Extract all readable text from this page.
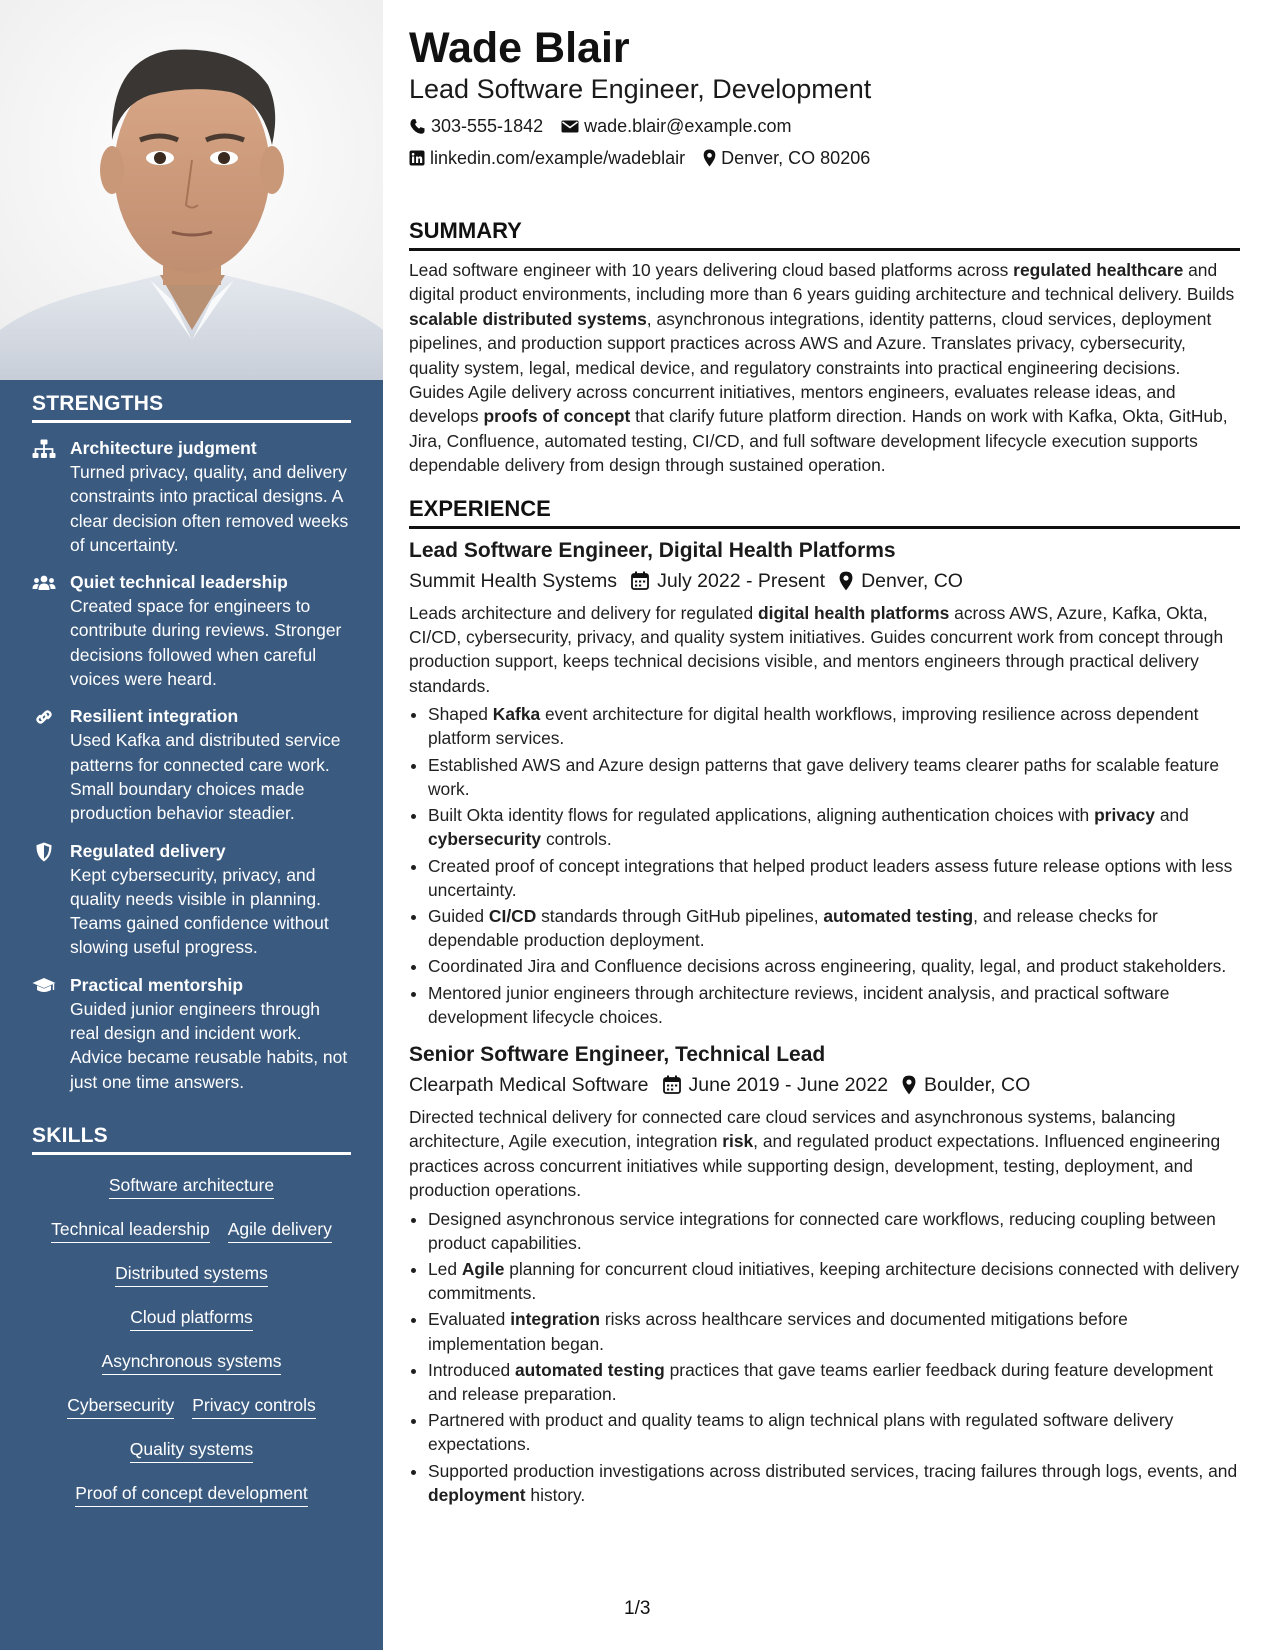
STRENGTHS
Architecture judgment
Turned privacy, quality, and delivery constraints into practical designs. A clear decision often removed weeks of uncertainty.
Quiet technical leadership
Created space for engineers to contribute during reviews. Stronger decisions followed when careful voices were heard.
Resilient integration
Used Kafka and distributed service patterns for connected care work. Small boundary choices made production behavior steadier.
Regulated delivery
Kept cybersecurity, privacy, and quality needs visible in planning. Teams gained confidence without slowing useful progress.
Practical mentorship
Guided junior engineers through real design and incident work. Advice became reusable habits, not just one time answers.
SKILLS
Software architecture
Technical leadership Agile delivery
Distributed systems
Cloud platforms
Asynchronous systems
Cybersecurity Privacy controls
Quality systems
Proof of concept development
Wade Blair
Lead Software Engineer, Development
303-555-1842 wade.blair@example.com
linkedin.com/example/wadeblair Denver, CO 80206
SUMMARY

Lead software engineer with 10 years delivering cloud based platforms across regulated healthcare and digital product environments, including more than 6 years guiding architecture and technical delivery. Builds scalable distributed systems, asynchronous integrations, identity patterns, cloud services, deployment pipelines, and production support practices across AWS and Azure. Translates privacy, cybersecurity, quality system, legal, medical device, and regulatory constraints into practical engineering decisions. Guides Agile delivery across concurrent initiatives, mentors engineers, evaluates release ideas, and develops proofs of concept that clarify future platform direction. Hands on work with Kafka, Okta, GitHub, Jira, Confluence, automated testing, CI/CD, and full software development lifecycle execution supports dependable delivery from design through sustained operation.

EXPERIENCE
Lead Software Engineer, Digital Health Platforms
Summit Health Systems July 2022 - Present Denver, CO

Leads architecture and delivery for regulated digital health platforms across AWS, Azure, Kafka, Okta, CI/CD, cybersecurity, privacy, and quality system initiatives. Guides concurrent work from concept through production support, keeps technical decisions visible, and mentors engineers through practical delivery standards.

• Shaped Kafka event architecture for digital health workflows, improving resilience across dependent platform services.
• Established AWS and Azure design patterns that gave delivery teams clearer paths for scalable feature work.
• Built Okta identity flows for regulated applications, aligning authentication choices with privacy and cybersecurity controls.
• Created proof of concept integrations that helped product leaders assess future release options with less uncertainty.
• Guided CI/CD standards through GitHub pipelines, automated testing, and release checks for dependable production deployment.
• Coordinated Jira and Confluence decisions across engineering, quality, legal, and product stakeholders.
• Mentored junior engineers through architecture reviews, incident analysis, and practical software development lifecycle choices.
Senior Software Engineer, Technical Lead
Clearpath Medical Software June 2019 - June 2022 Boulder, CO

Directed technical delivery for connected care cloud services and asynchronous systems, balancing architecture, Agile execution, integration risk, and regulated product expectations. Influenced engineering practices across concurrent initiatives while supporting design, development, testing, deployment, and production operations.

• Designed asynchronous service integrations for connected care workflows, reducing coupling between product capabilities.
• Led Agile planning for concurrent cloud initiatives, keeping architecture decisions connected with delivery commitments.
• Evaluated integration risks across healthcare services and documented mitigations before implementation began.
• Introduced automated testing practices that gave teams earlier feedback during feature development and release preparation.
• Partnered with product and quality teams to align technical plans with regulated software delivery expectations.
• Supported production investigations across distributed services, tracing failures through logs, events, and deployment history.
1/3
